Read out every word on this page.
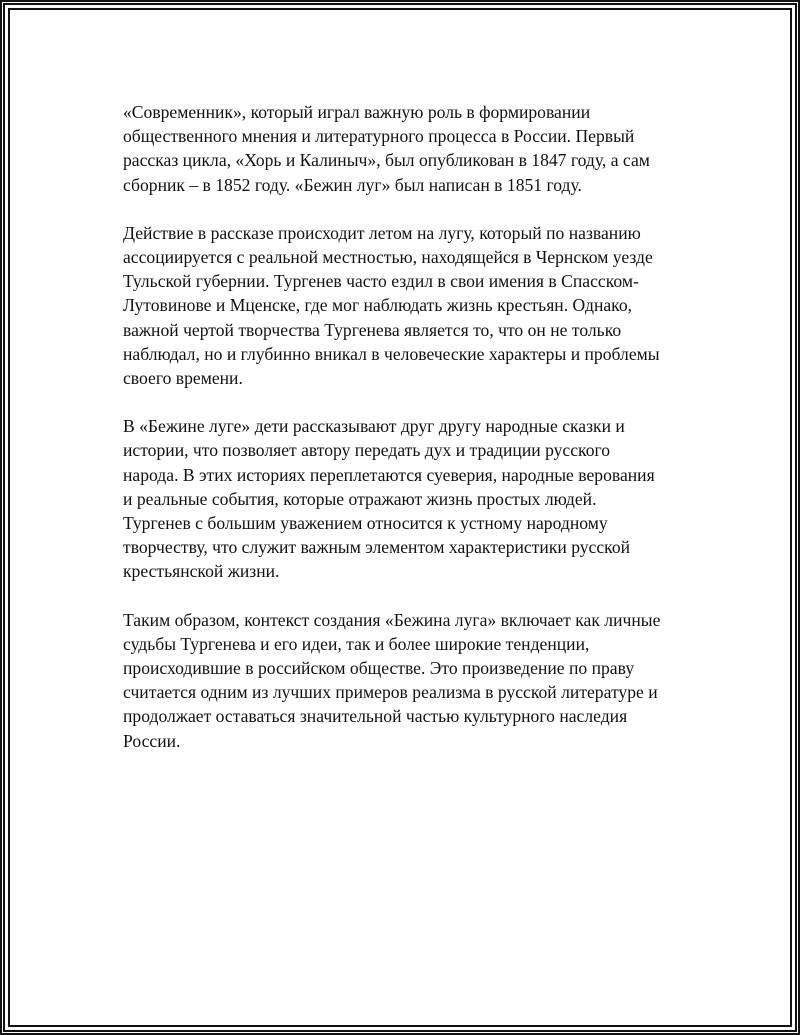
«Современник», который играл важную роль в формировании
общественного мнения и литературного процесса в России. Первый
рассказ цикла, «Хорь и Калиныч», был опубликован в 1847 году, а сам
сборник – в 1852 году. «Бежин луг» был написан в 1851 году.

Действие в рассказе происходит летом на лугу, который по названию
ассоциируется с реальной местностью, находящейся в Чернском уезде
Тульской губернии. Тургенев часто ездил в свои имения в Спасском-
Лутовинове и Мценске, где мог наблюдать жизнь крестьян. Однако,
важной чертой творчества Тургенева является то, что он не только
наблюдал, но и глубинно вникал в человеческие характеры и проблемы
своего времени.

В «Бежине луге» дети рассказывают друг другу народные сказки и
истории, что позволяет автору передать дух и традиции русского
народа. В этих историях переплетаются суеверия, народные верования
и реальные события, которые отражают жизнь простых людей.
Тургенев с большим уважением относится к устному народному
творчеству, что служит важным элементом характеристики русской
крестьянской жизни.

Таким образом, контекст создания «Бежина луга» включает как личные
судьбы Тургенева и его идеи, так и более широкие тенденции,
происходившие в российском обществе. Это произведение по праву
считается одним из лучших примеров реализма в русской литературе и
продолжает оставаться значительной частью культурного наследия
России.
